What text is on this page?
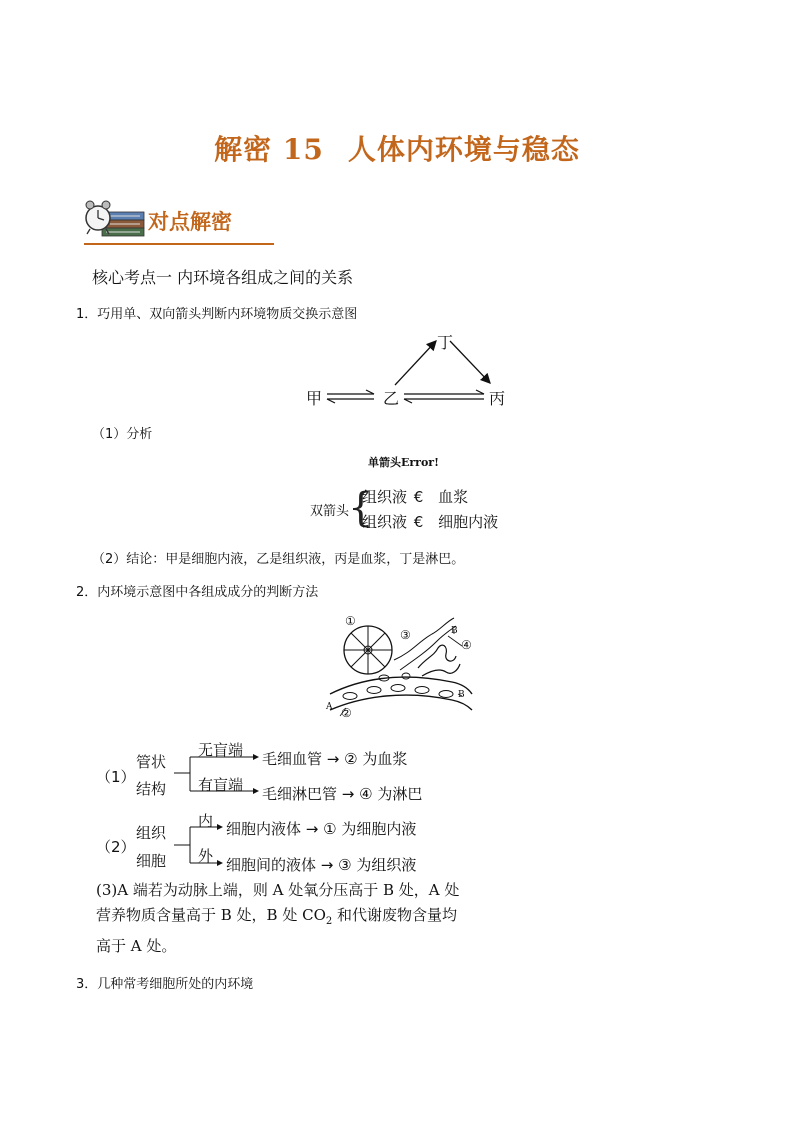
解密 15 人体内环境与稳态
对点解密
核心考点一 内环境各组成之间的关系
1．巧用单、双向箭头判断内环境物质交换示意图
丁
甲	乙	丙
（1）分析
单箭头Error!
双箭头
{
组织液 € 血浆
组织液 € 细胞内液
（2）结论：甲是细胞内液，乙是组织液，丙是血浆，丁是淋巴。
2．内环境示意图中各组成成分的判断方法
①
③	B
④
B
A ②
（1）
管状
结构
无盲端
有盲端
毛细血管 → ② 为血浆
毛细淋巴管 → ④ 为淋巴
（2）
组织
细胞
内
外
细胞内液体 → ① 为细胞内液
细胞间的液体 → ③ 为组织液
(3)A 端若为动脉上端，则 A 处氧分压高于 B 处，A 处
营养物质含量高于 B 处，B 处 $CO_2$ 和代谢废物含量均
高于 A 处。
3．几种常考细胞所处的内环境
